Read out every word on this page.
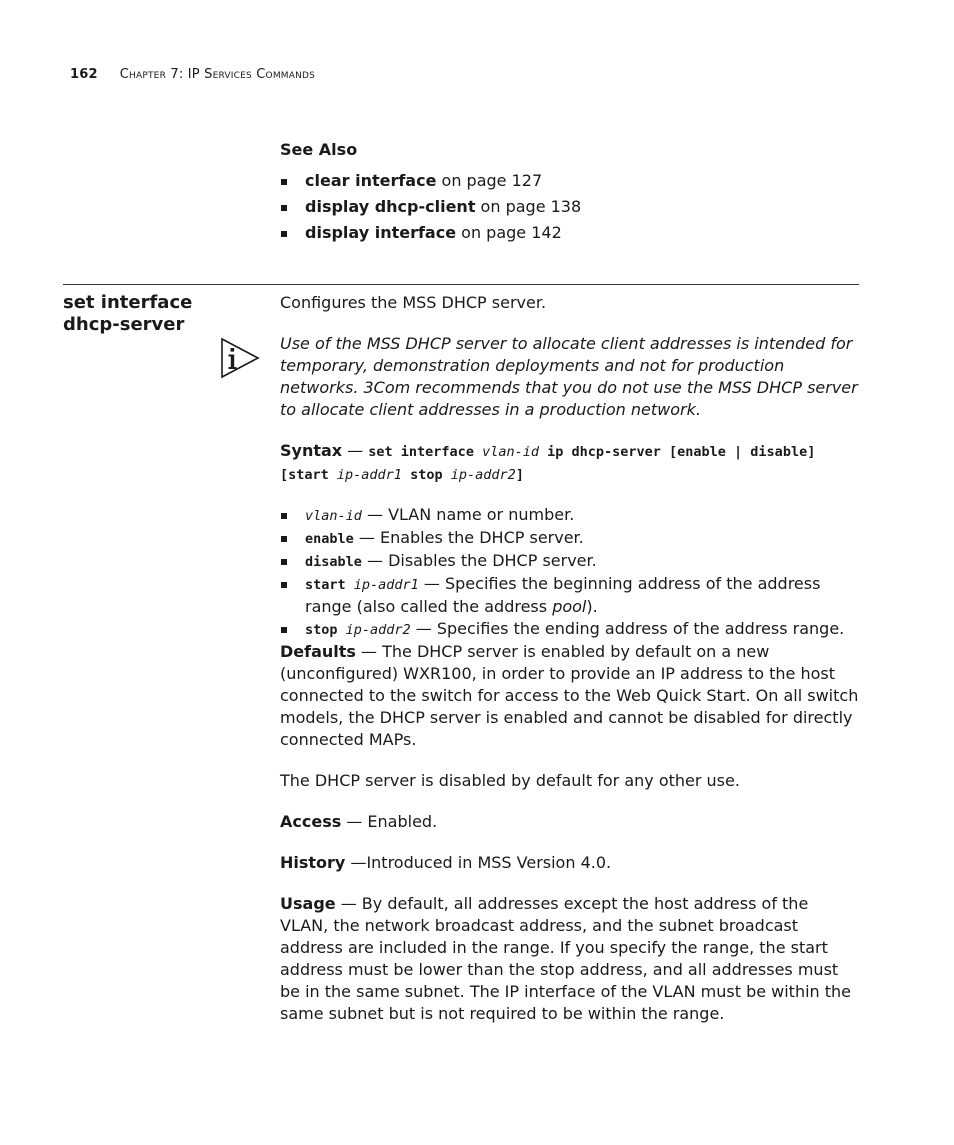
162 Chapter 7: IP Services Commands
See Also
clear interface on page 127
display dhcp-client on page 138
display interface on page 142
set interface
dhcp-server

Configures the MSS DHCP server.

Use of the MSS DHCP server to allocate client addresses is intended for temporary, demonstration deployments and not for production networks. 3Com recommends that you do not use the MSS DHCP server to allocate client addresses in a production network.

Syntax — set interface vlan-id ip dhcp-server [enable | disable] [start ip-addr1 stop ip-addr2]

vlan-id — VLAN name or number.
enable — Enables the DHCP server.
disable — Disables the DHCP server.
start ip-addr1 — Specifies the beginning address of the address range (also called the address pool).
stop ip-addr2 — Specifies the ending address of the address range.

Defaults — The DHCP server is enabled by default on a new (unconfigured) WXR100, in order to provide an IP address to the host connected to the switch for access to the Web Quick Start. On all switch models, the DHCP server is enabled and cannot be disabled for directly connected MAPs.

The DHCP server is disabled by default for any other use.

Access — Enabled.

History —Introduced in MSS Version 4.0.

Usage — By default, all addresses except the host address of the VLAN, the network broadcast address, and the subnet broadcast address are included in the range. If you specify the range, the start address must be lower than the stop address, and all addresses must be in the same subnet. The IP interface of the VLAN must be within the same subnet but is not required to be within the range.
